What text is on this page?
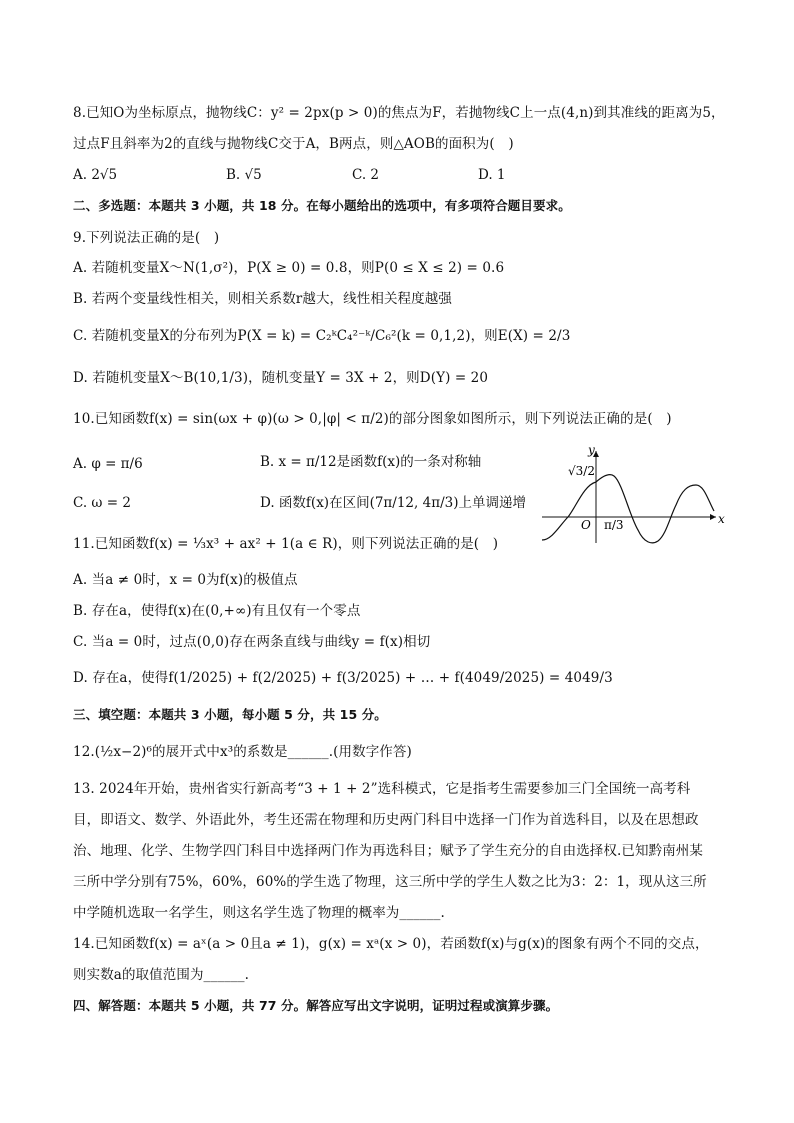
8.已知O为坐标原点，抛物线C：y² = 2px(p > 0)的焦点为F，若抛物线C上一点(4,n)到其准线的距离为5，
过点F且斜率为2的直线与抛物线C交于A，B两点，则△AOB的面积为(　)
A. 2√5	B. √5	C. 2	D. 1
二、多选题：本题共 3 小题，共 18 分。在每小题给出的选项中，有多项符合题目要求。
9.下列说法正确的是(　)
A. 若随机变量X～N(1,σ²)，P(X ≥ 0) = 0.8，则P(0 ≤ X ≤ 2) = 0.6
B. 若两个变量线性相关，则相关系数r越大，线性相关程度越强
C. 若随机变量X的分布列为P(X = k) = C₂ᵏC₄²⁻ᵏ/C₆²(k = 0,1,2)，则E(X) = 2/3
D. 若随机变量X～B(10,1/3)，随机变量Y = 3X + 2，则D(Y) = 20
10.已知函数f(x) = sin(ωx + φ)(ω > 0,|φ| < π/2)的部分图象如图所示，则下列说法正确的是(　)
A. φ = π/6	B. x = π/12是函数f(x)的一条对称轴
C. ω = 2	D. 函数f(x)在区间(7π/12, 4π/3)上单调递增
y
x
O
√3/2
π/3
11.已知函数f(x) = ⅓x³ + ax² + 1(a ∈ R)，则下列说法正确的是(　)
A. 当a ≠ 0时，x = 0为f(x)的极值点
B. 存在a，使得f(x)在(0,+∞)有且仅有一个零点
C. 当a = 0时，过点(0,0)存在两条直线与曲线y = f(x)相切
D. 存在a，使得f(1/2025) + f(2/2025) + f(3/2025) + … + f(4049/2025) = 4049/3
三、填空题：本题共 3 小题，每小题 5 分，共 15 分。
12.(½x−2)⁶的展开式中x³的系数是______.(用数字作答)
13. 2024年开始，贵州省实行新高考“3 + 1 + 2”选科模式，它是指考生需要参加三门全国统一高考科
目，即语文、数学、外语此外，考生还需在物理和历史两门科目中选择一门作为首选科目，以及在思想政
治、地理、化学、生物学四门科目中选择两门作为再选科目；赋予了学生充分的自由选择权.已知黔南州某
三所中学分别有75%，60%，60%的学生选了物理，这三所中学的学生人数之比为3：2：1，现从这三所
中学随机选取一名学生，则这名学生选了物理的概率为______.
14.已知函数f(x) = aˣ(a > 0且a ≠ 1)，g(x) = xᵃ(x > 0)，若函数f(x)与g(x)的图象有两个不同的交点，
则实数a的取值范围为______.
四、解答题：本题共 5 小题，共 77 分。解答应写出文字说明，证明过程或演算步骤。
